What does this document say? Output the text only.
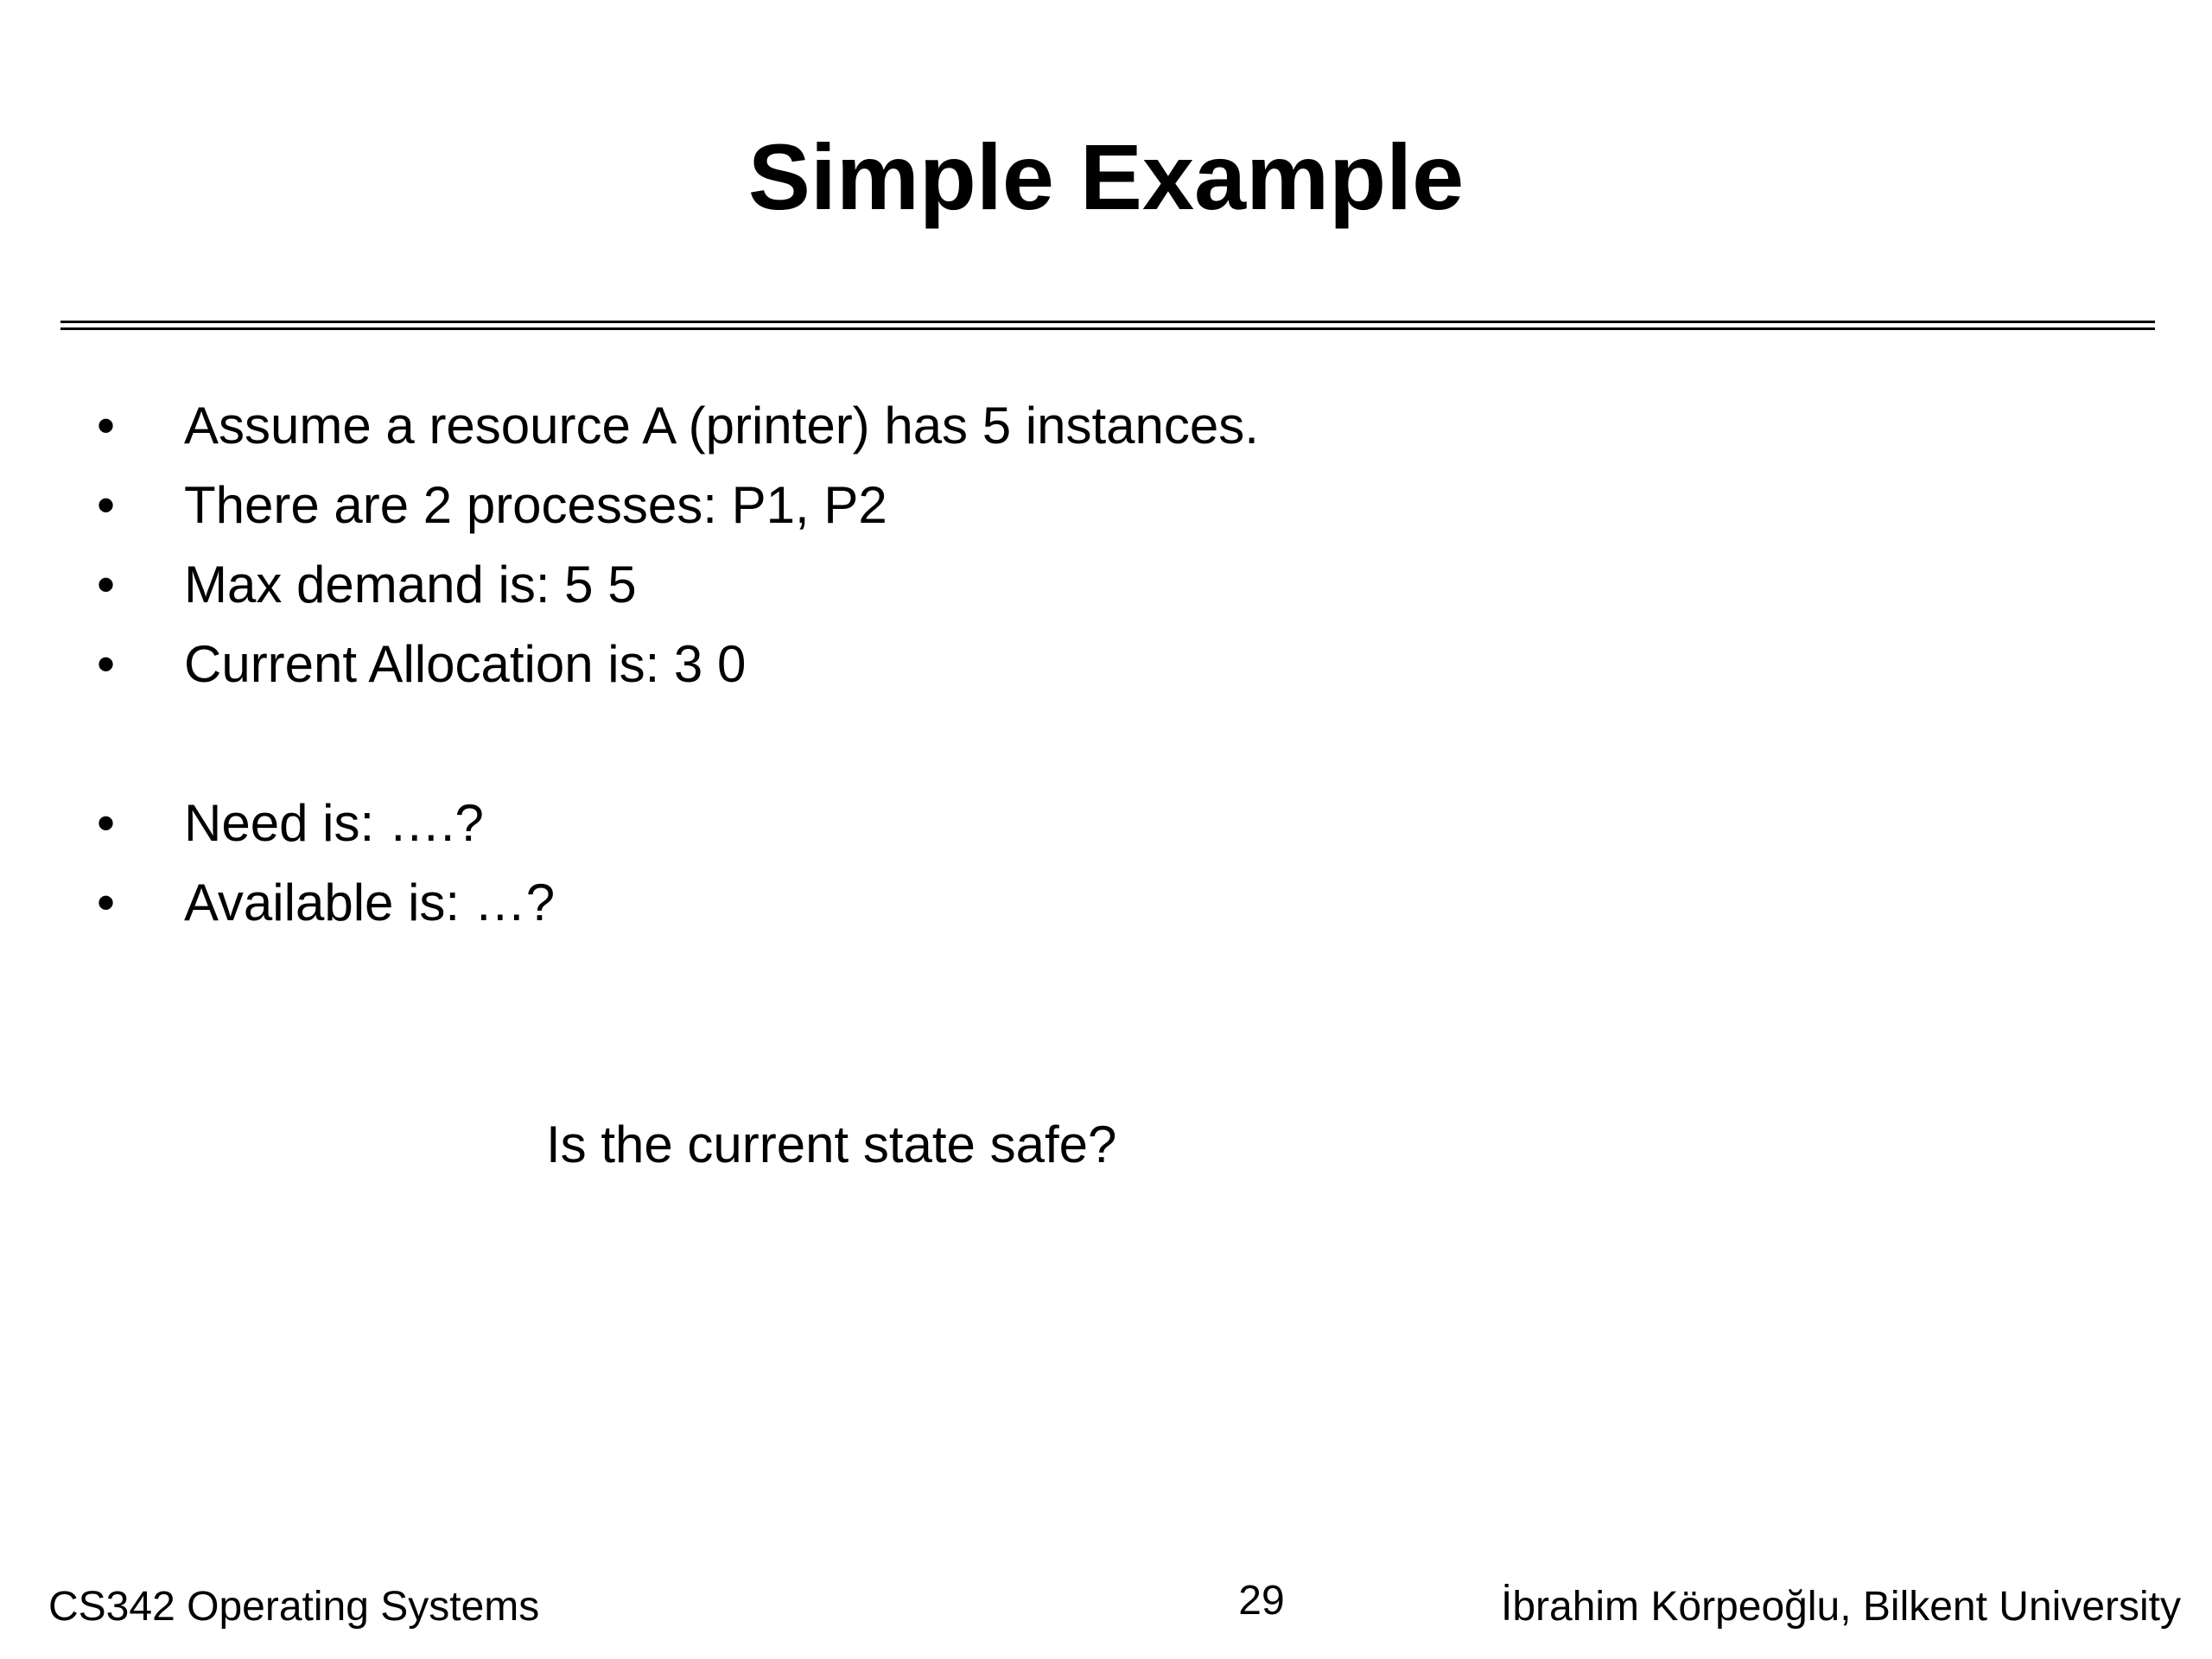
Simple Example
• Assume a resource A (printer) has 5 instances.
• There are 2 processes: P1, P2
• Max demand is: 5 5
• Current Allocation is: 3 0
• Need is: ….?
• Available is: …?
Is the current state safe?
CS342 Operating Systems	29	İbrahim Körpeoğlu, Bilkent University
